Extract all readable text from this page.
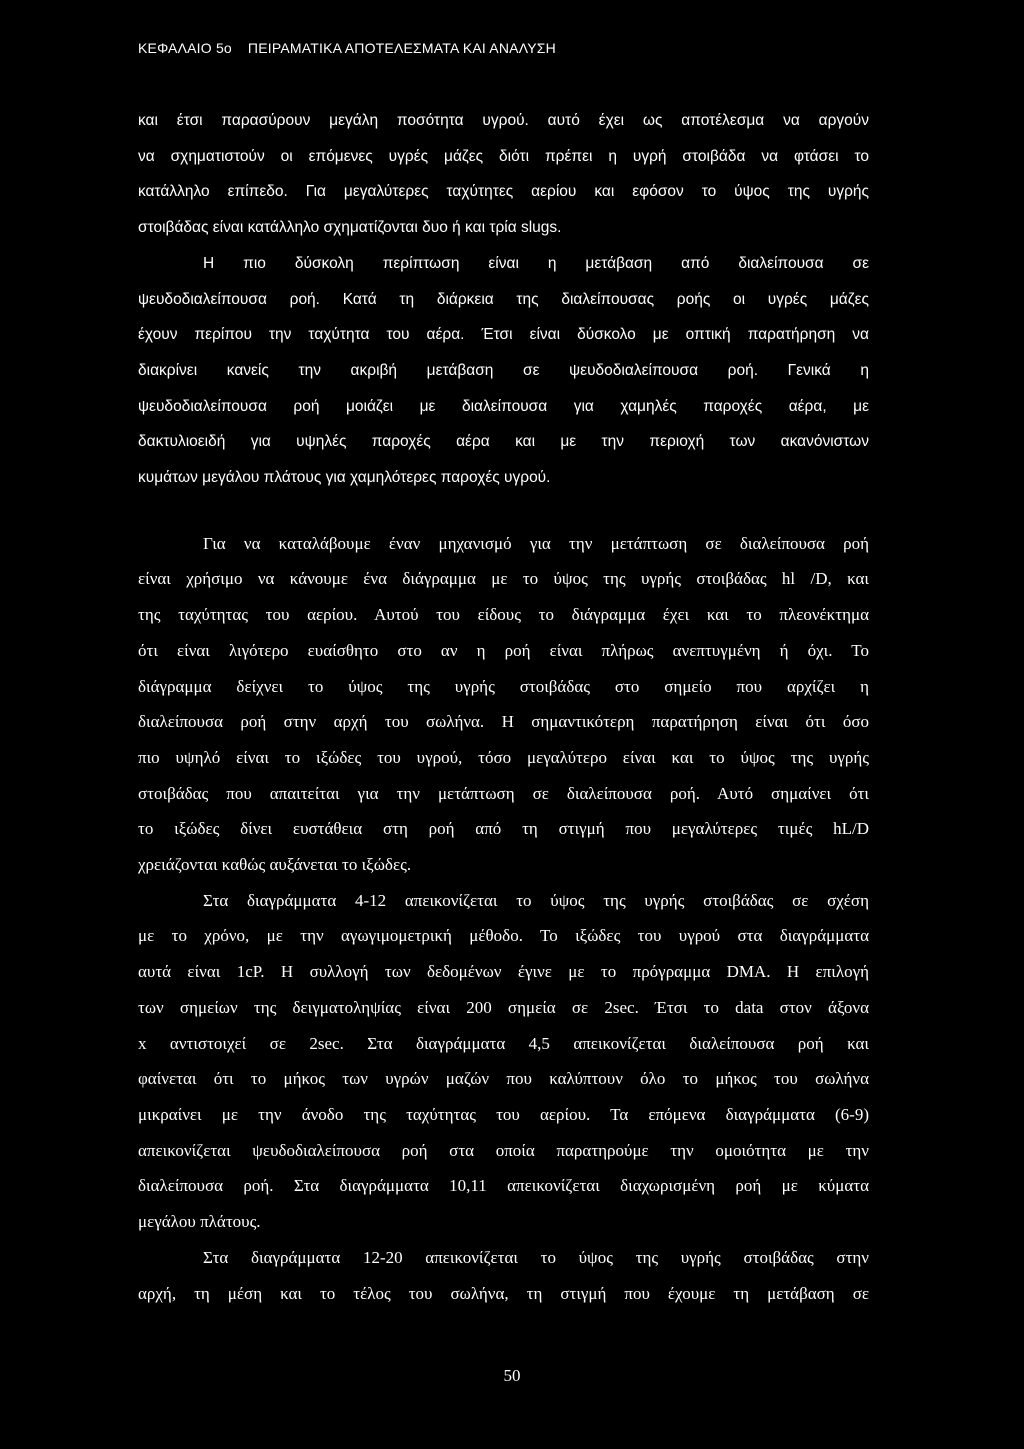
ΚΕΦΑΛΑΙΟ 5ο ΠΕΙΡΑΜΑΤΙΚΑ ΑΠΟΤΕΛΕΣΜΑΤΑ ΚΑΙ ΑΝΑΛΥΣΗ

και έτσι παρασύρουν μεγάλη ποσότητα υγρού. αυτό έχει ως αποτέλεσμα να αργούν
να σχηματιστούν οι επόμενες υγρές μάζες διότι πρέπει η υγρή στοιβάδα να φτάσει το
κατάλληλο επίπεδο. Για μεγαλύτερες ταχύτητες αερίου και εφόσον το ύψος της υγρής
στοιβάδας είναι κατάλληλο σχηματίζονται δυο ή και τρία slugs.

Η πιο δύσκολη περίπτωση είναι η μετάβαση από διαλείπουσα σε
ψευδοδιαλείπουσα ροή. Κατά τη διάρκεια της διαλείπουσας ροής οι υγρές μάζες
έχουν περίπου την ταχύτητα του αέρα. Έτσι είναι δύσκολο με οπτική παρατήρηση να
διακρίνει κανείς την ακριβή μετάβαση σε ψευδοδιαλείπουσα ροή. Γενικά η
ψευδοδιαλείπουσα ροή μοιάζει με διαλείπουσα για χαμηλές παροχές αέρα, με
δακτυλιοειδή για υψηλές παροχές αέρα και με την περιοχή των ακανόνιστων
κυμάτων μεγάλου πλάτους για χαμηλότερες παροχές υγρού.

Για να καταλάβουμε έναν μηχανισμό για την μετάπτωση σε διαλείπουσα ροή
είναι χρήσιμο να κάνουμε ένα διάγραμμα με το ύψος της υγρής στοιβάδας hl /D, και
της ταχύτητας του αερίου. Αυτού του είδους το διάγραμμα έχει και το πλεονέκτημα
ότι είναι λιγότερο ευαίσθητο στο αν η ροή είναι πλήρως ανεπτυγμένη ή όχι. Το
διάγραμμα δείχνει το ύψος της υγρής στοιβάδας στο σημείο που αρχίζει η
διαλείπουσα ροή στην αρχή του σωλήνα. Η σημαντικότερη παρατήρηση είναι ότι όσο
πιο υψηλό είναι το ιξώδες του υγρού, τόσο μεγαλύτερο είναι και το ύψος της υγρής
στοιβάδας που απαιτείται για την μετάπτωση σε διαλείπουσα ροή. Αυτό σημαίνει ότι
το ιξώδες δίνει ευστάθεια στη ροή από τη στιγμή που μεγαλύτερες τιμές hL/D
χρειάζονται καθώς αυξάνεται το ιξώδες.

Στα διαγράμματα 4-12 απεικονίζεται το ύψος της υγρής στοιβάδας σε σχέση
με το χρόνο, με την αγωγιμομετρική μέθοδο. Το ιξώδες του υγρού στα διαγράμματα
αυτά είναι 1cP. Η συλλογή των δεδομένων έγινε με το πρόγραμμα DMA. Η επιλογή
των σημείων της δειγματοληψίας είναι 200 σημεία σε 2sec. Έτσι το data στον άξονα
x αντιστοιχεί σε 2sec. Στα διαγράμματα 4,5 απεικονίζεται διαλείπουσα ροή και
φαίνεται ότι το μήκος των υγρών μαζών που καλύπτουν όλο το μήκος του σωλήνα
μικραίνει με την άνοδο της ταχύτητας του αερίου. Τα επόμενα διαγράμματα (6-9)
απεικονίζεται ψευδοδιαλείπουσα ροή στα οποία παρατηρούμε την ομοιότητα με την
διαλείπουσα ροή. Στα διαγράμματα 10,11 απεικονίζεται διαχωρισμένη ροή με κύματα
μεγάλου πλάτους.

Στα διαγράμματα 12-20 απεικονίζεται το ύψος της υγρής στοιβάδας στην
αρχή, τη μέση και το τέλος του σωλήνα, τη στιγμή που έχουμε τη μετάβαση σε

50
